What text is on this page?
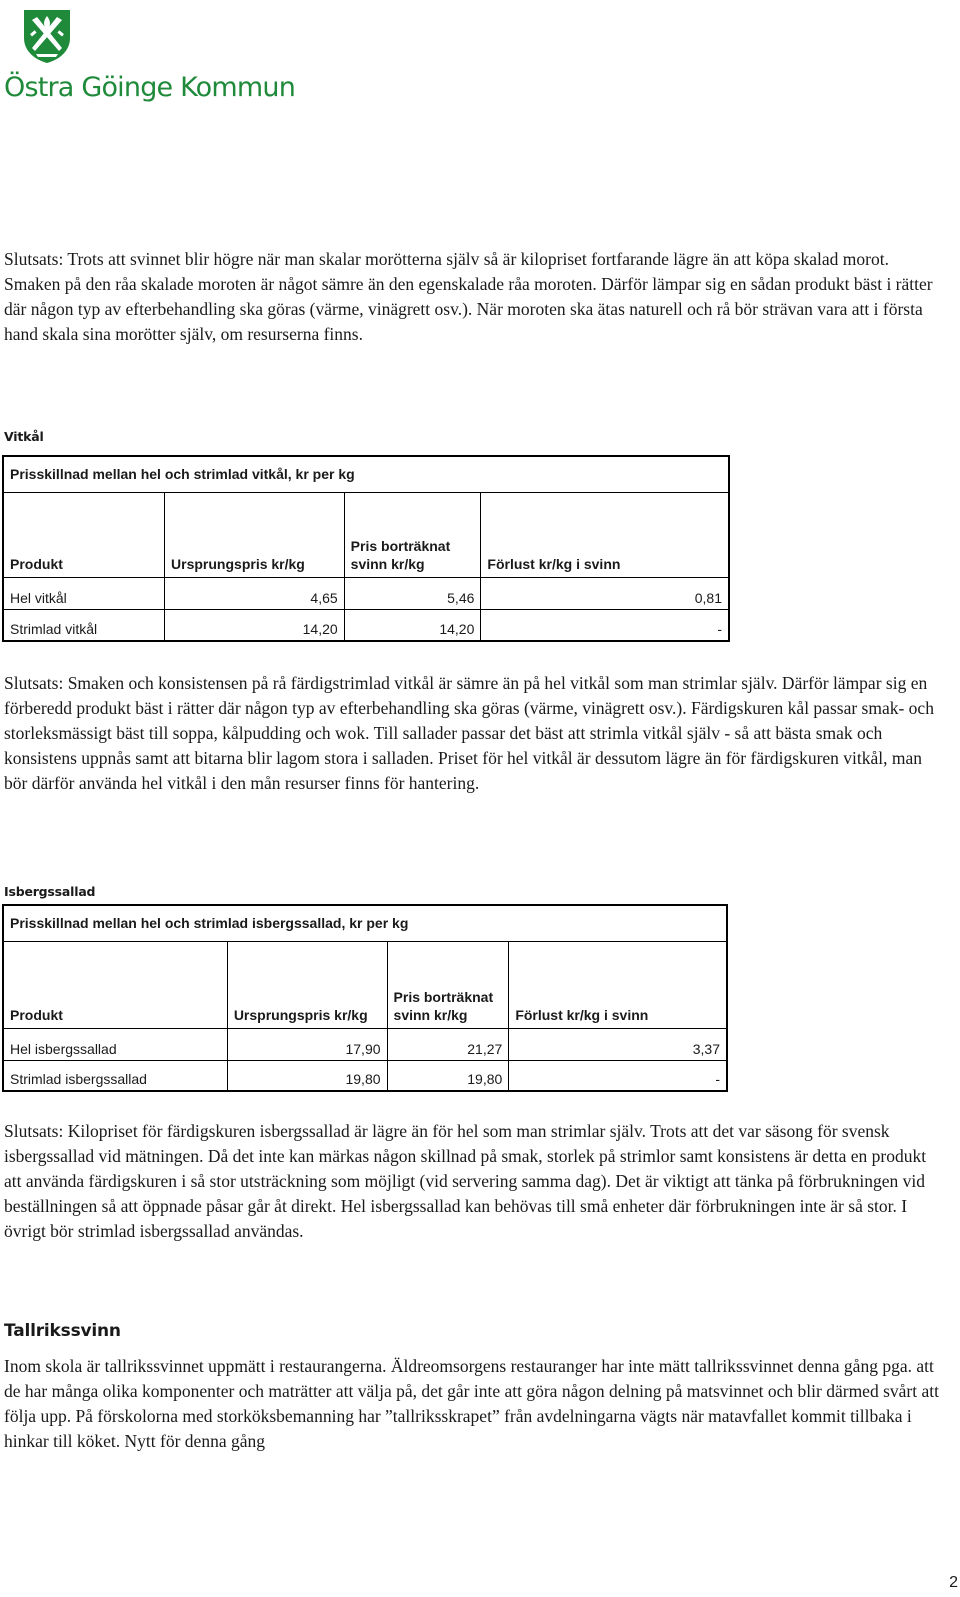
Östra Göinge Kommun

Slutsats: Trots att svinnet blir högre när man skalar morötterna själv så är kilopriset fortfarande lägre än att köpa skalad morot. Smaken på den råa skalade moroten är något sämre än den egenskalade råa moroten. Därför lämpar sig en sådan produkt bäst i rätter där någon typ av efterbehandling ska göras (värme, vinägrett osv.). När moroten ska ätas naturell och rå bör strävan vara att i första hand skala sina morötter själv, om resurserna finns.

Vitkål
Prisskillnad mellan hel och strimlad vitkål, kr per kg			
Produkt	Ursprungspris kr/kg	Pris borträknat svinn kr/kg	Förlust kr/kg i svinn
Hel vitkål	4,65	5,46	0,81
Strimlad vitkål	14,20	14,20	-

Slutsats: Smaken och konsistensen på rå färdigstrimlad vitkål är sämre än på hel vitkål som man strimlar själv. Därför lämpar sig en förberedd produkt bäst i rätter där någon typ av efterbehandling ska göras (värme, vinägrett osv.). Färdigskuren kål passar smak- och storleksmässigt bäst till soppa, kålpudding och wok. Till sallader passar det bäst att strimla vitkål själv - så att bästa smak och konsistens uppnås samt att bitarna blir lagom stora i salladen. Priset för hel vitkål är dessutom lägre än för färdigskuren vitkål, man bör därför använda hel vitkål i den mån resurser finns för hantering.

Isbergssallad
Prisskillnad mellan hel och strimlad isbergssallad, kr per kg			
Produkt	Ursprungspris kr/kg	Pris borträknat svinn kr/kg	Förlust kr/kg i svinn
Hel isbergssallad	17,90	21,27	3,37
Strimlad isbergssallad	19,80	19,80	-

Slutsats: Kilopriset för färdigskuren isbergssallad är lägre än för hel som man strimlar själv. Trots att det var säsong för svensk isbergssallad vid mätningen. Då det inte kan märkas någon skillnad på smak, storlek på strimlor samt konsistens är detta en produkt att använda färdigskuren i så stor utsträckning som möjligt (vid servering samma dag). Det är viktigt att tänka på förbrukningen vid beställningen så att öppnade påsar går åt direkt. Hel isbergssallad kan behövas till små enheter där förbrukningen inte är så stor. I övrigt bör strimlad isbergssallad användas.

Tallrikssvinn

Inom skola är tallrikssvinnet uppmätt i restaurangerna. Äldreomsorgens restauranger har inte mätt tallrikssvinnet denna gång pga. att de har många olika komponenter och maträtter att välja på, det går inte att göra någon delning på matsvinnet och blir därmed svårt att följa upp. På förskolorna med storköksbemanning har ”tallriksskrapet” från avdelningarna vägts när matavfallet kommit tillbaka i hinkar till köket. Nytt för denna gång

2
